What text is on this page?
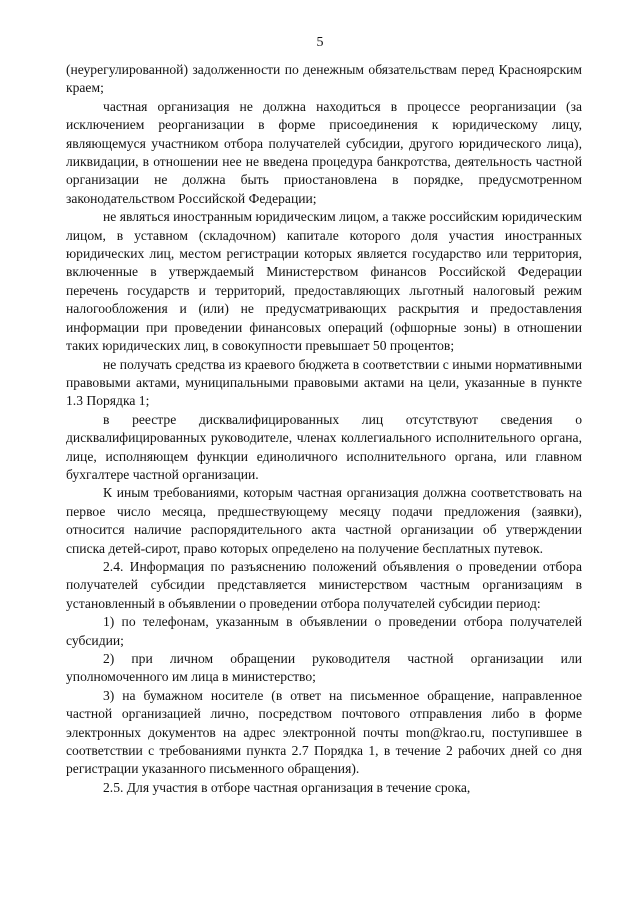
5

(неурегулированной) задолженности по денежным обязательствам перед Красноярским краем;

частная организация не должна находиться в процессе реорганизации (за исключением реорганизации в форме присоединения к юридическому лицу, являющемуся участником отбора получателей субсидии, другого юридического лица), ликвидации, в отношении нее не введена процедура банкротства, деятельность частной организации не должна быть приостановлена в порядке, предусмотренном законодательством Российской Федерации;

не являться иностранным юридическим лицом, а также российским юридическим лицом, в уставном (складочном) капитале которого доля участия иностранных юридических лиц, местом регистрации которых является государство или территория, включенные в утверждаемый Министерством финансов Российской Федерации перечень государств и территорий, предоставляющих льготный налоговый режим налогообложения и (или) не предусматривающих раскрытия и предоставления информации при проведении финансовых операций (офшорные зоны) в отношении таких юридических лиц, в совокупности превышает 50 процентов;

не получать средства из краевого бюджета в соответствии с иными нормативными правовыми актами, муниципальными правовыми актами на цели, указанные в пункте 1.3 Порядка 1;

в реестре дисквалифицированных лиц отсутствуют сведения о дисквалифицированных руководителе, членах коллегиального исполнительного органа, лице, исполняющем функции единоличного исполнительного органа, или главном бухгалтере частной организации.

К иным требованиями, которым частная организация должна соответствовать на первое число месяца, предшествующему месяцу подачи предложения (заявки), относится наличие распорядительного акта частной организации об утверждении списка детей-сирот, право которых определено на получение бесплатных путевок.

2.4. Информация по разъяснению положений объявления о проведении отбора получателей субсидии представляется министерством частным организациям в установленный в объявлении о проведении отбора получателей субсидии период:

1) по телефонам, указанным в объявлении о проведении отбора получателей субсидии;

2) при личном обращении руководителя частной организации или уполномоченного им лица в министерство;

3) на бумажном носителе (в ответ на письменное обращение, направленное частной организацией лично, посредством почтового отправления либо в форме электронных документов на адрес электронной почты mon@krao.ru, поступившее в соответствии с требованиями пункта 2.7 Порядка 1, в течение 2 рабочих дней со дня регистрации указанного письменного обращения).

2.5. Для участия в отборе частная организация в течение срока,
